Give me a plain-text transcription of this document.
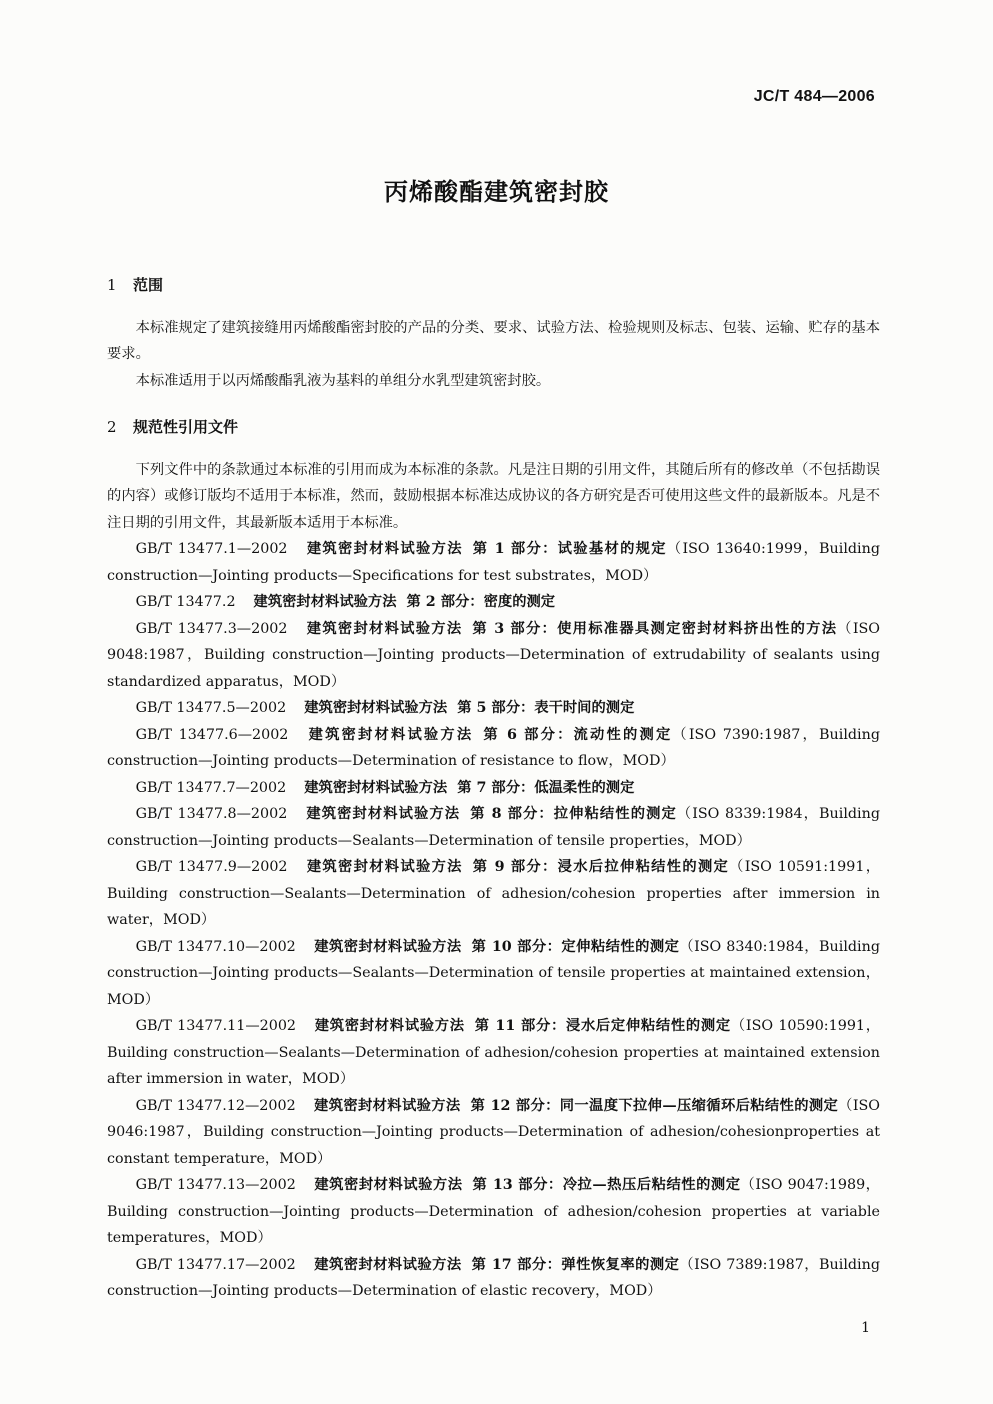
JC/T 484—2006
丙烯酸酯建筑密封胶
1 范围

本标准规定了建筑接缝用丙烯酸酯密封胶的产品的分类、要求、试验方法、检验规则及标志、包装、运输、贮存的基本要求。

本标准适用于以丙烯酸酯乳液为基料的单组分水乳型建筑密封胶。

2 规范性引用文件

下列文件中的条款通过本标准的引用而成为本标准的条款。凡是注日期的引用文件，其随后所有的修改单（不包括勘误的内容）或修订版均不适用于本标准，然而，鼓励根据本标准达成协议的各方研究是否可使用这些文件的最新版本。凡是不注日期的引用文件，其最新版本适用于本标准。

GB/T 13477.1—2002 建筑密封材料试验方法 第 1 部分：试验基材的规定（ISO 13640:1999，Building construction—Jointing products—Specifications for test substrates，MOD）

GB/T 13477.2 建筑密封材料试验方法 第 2 部分：密度的测定

GB/T 13477.3—2002 建筑密封材料试验方法 第 3 部分：使用标准器具测定密封材料挤出性的方法（ISO 9048:1987，Building construction—Jointing products—Determination of extrudability of sealants using standardized apparatus，MOD）

GB/T 13477.5—2002 建筑密封材料试验方法 第 5 部分：表干时间的测定

GB/T 13477.6—2002 建筑密封材料试验方法 第 6 部分：流动性的测定（ISO 7390:1987，Building construction—Jointing products—Determination of resistance to flow，MOD）

GB/T 13477.7—2002 建筑密封材料试验方法 第 7 部分：低温柔性的测定

GB/T 13477.8—2002 建筑密封材料试验方法 第 8 部分：拉伸粘结性的测定（ISO 8339:1984，Building construction—Jointing products—Sealants—Determination of tensile properties，MOD）

GB/T 13477.9—2002 建筑密封材料试验方法 第 9 部分：浸水后拉伸粘结性的测定（ISO 10591:1991，Building construction—Sealants—Determination of adhesion/cohesion properties after immersion in water，MOD）

GB/T 13477.10—2002 建筑密封材料试验方法 第 10 部分：定伸粘结性的测定（ISO 8340:1984，Building construction—Jointing products—Sealants—Determination of tensile properties at maintained extension，MOD）

GB/T 13477.11—2002 建筑密封材料试验方法 第 11 部分：浸水后定伸粘结性的测定（ISO 10590:1991，Building construction—Sealants—Determination of adhesion/cohesion properties at maintained extension after immersion in water，MOD）

GB/T 13477.12—2002 建筑密封材料试验方法 第 12 部分：同一温度下拉伸—压缩循环后粘结性的测定（ISO 9046:1987，Building construction—Jointing products—Determination of adhesion/cohesionproperties at constant temperature，MOD）

GB/T 13477.13—2002 建筑密封材料试验方法 第 13 部分：冷拉—热压后粘结性的测定（ISO 9047:1989，Building construction—Jointing products—Determination of adhesion/cohesion properties at variable temperatures，MOD）

GB/T 13477.17—2002 建筑密封材料试验方法 第 17 部分：弹性恢复率的测定（ISO 7389:1987，Building construction—Jointing products—Determination of elastic recovery，MOD）

1
